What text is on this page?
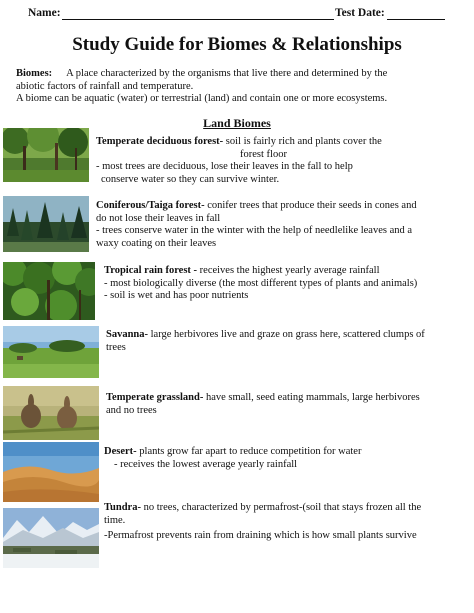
Name:	Test Date:
Study Guide for Biomes & Relationships
Biomes: A place characterized by the organisms that live there and determined by the
abiotic factors of rainfall and temperature.
A biome can be aquatic (water) or terrestrial (land) and contain one or more ecosystems.
Land Biomes
Temperate deciduous forest- soil is fairly rich and plants cover the
forest floor
- most trees are deciduous, lose their leaves in the fall to help
conserve water so they can survive winter.
Coniferous/Taiga forest- conifer trees that produce their seeds in cones and
do not lose their leaves in fall
- trees conserve water in the winter with the help of needlelike leaves and a
waxy coating on their leaves
Tropical rain forest - receives the highest yearly average rainfall
- most biologically diverse (the most different types of plants and animals)
- soil is wet and has poor nutrients
Savanna- large herbivores live and graze on grass here, scattered clumps of
trees
Temperate grassland- have small, seed eating mammals, large herbivores
and no trees
Desert- plants grow far apart to reduce competition for water
- receives the lowest average yearly rainfall
Tundra- no trees, characterized by permafrost-(soil that stays frozen all the
time.
-Permafrost prevents rain from draining which is how small plants survive
